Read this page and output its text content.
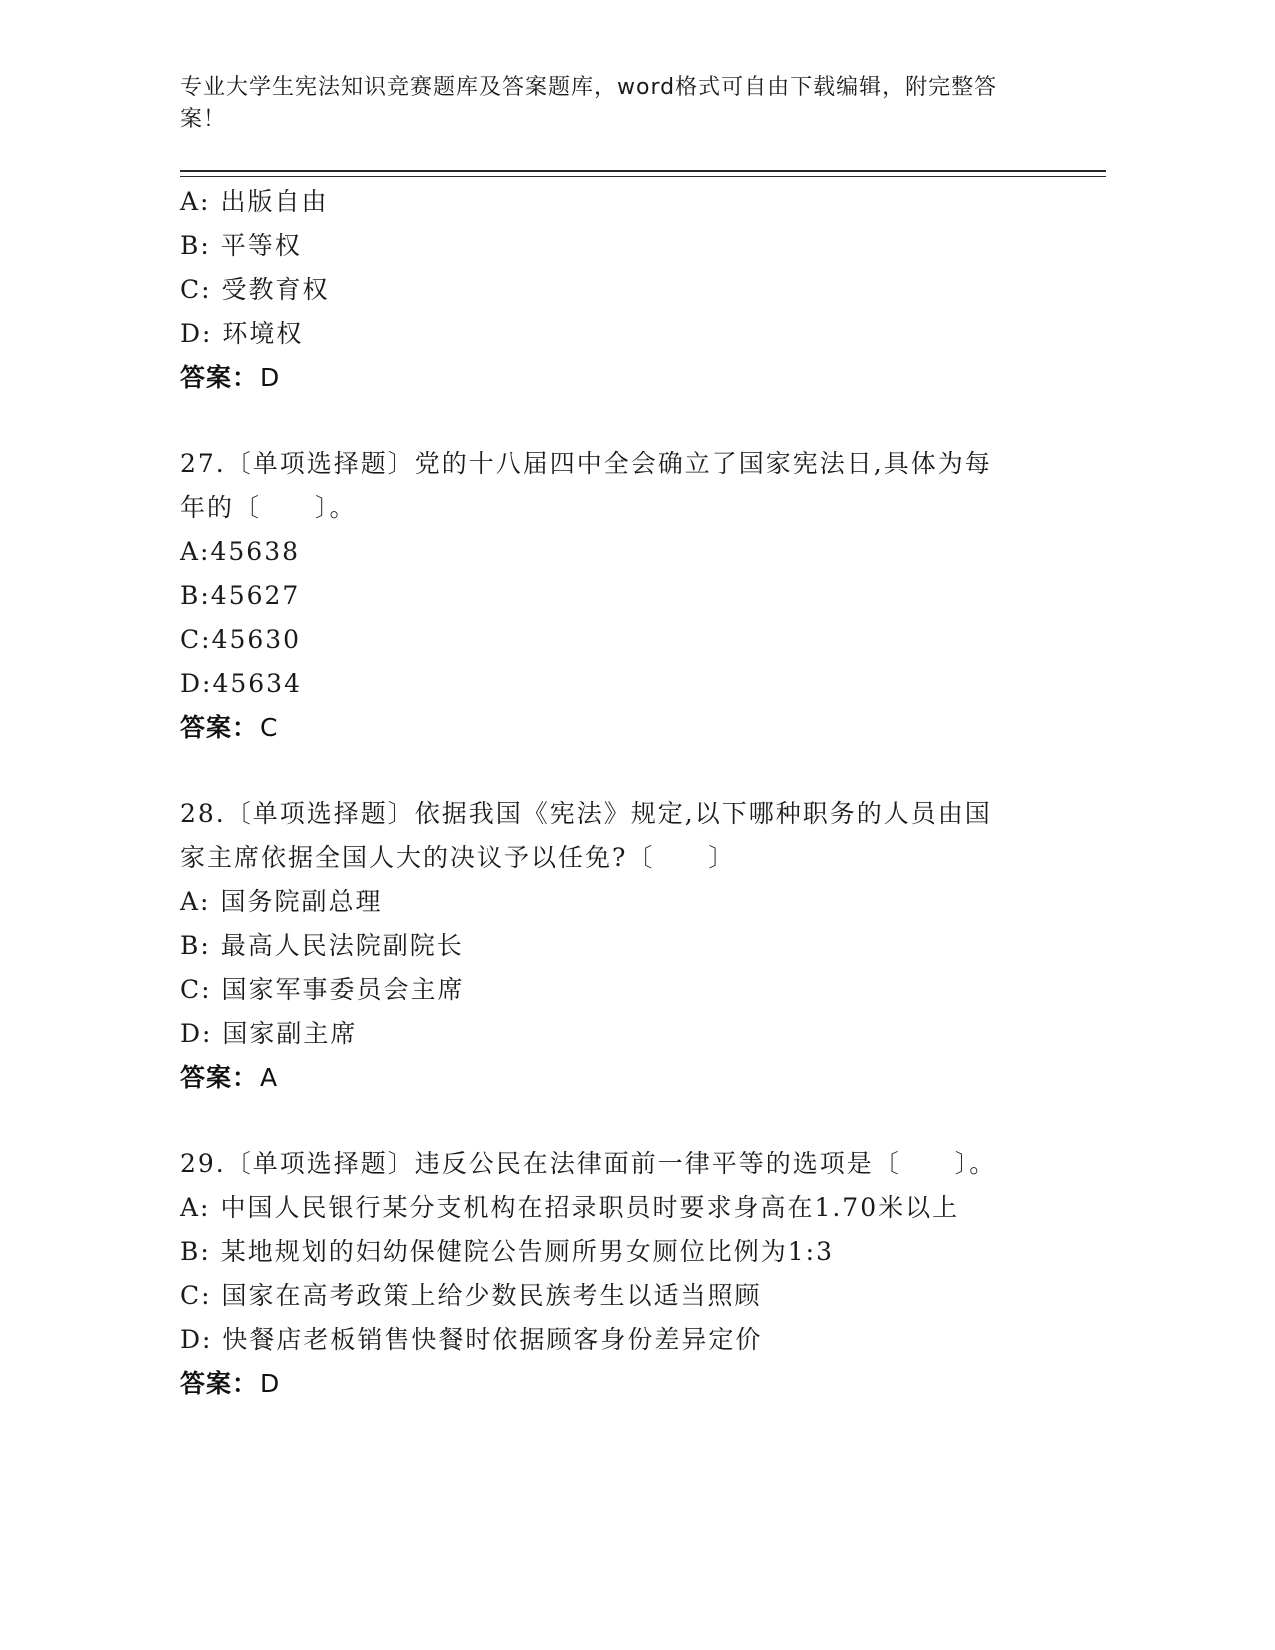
专业大学生宪法知识竞赛题库及答案题库，word格式可自由下载编辑，附完整答
案！
A: 出版自由
B: 平等权
C: 受教育权
D: 环境权
答案：D
27.〔单项选择题〕党的十八届四中全会确立了国家宪法日,具体为每
年的〔　　〕。
A:45638
B:45627
C:45630
D:45634
答案：C
28.〔单项选择题〕依据我国《宪法》规定,以下哪种职务的人员由国
家主席依据全国人大的决议予以任免?〔　　〕
A: 国务院副总理
B: 最高人民法院副院长
C: 国家军事委员会主席
D: 国家副主席
答案：A
29.〔单项选择题〕违反公民在法律面前一律平等的选项是〔　　〕。
A: 中国人民银行某分支机构在招录职员时要求身高在1.70米以上
B: 某地规划的妇幼保健院公告厕所男女厕位比例为1:3
C: 国家在高考政策上给少数民族考生以适当照顾
D: 快餐店老板销售快餐时依据顾客身份差异定价
答案：D
